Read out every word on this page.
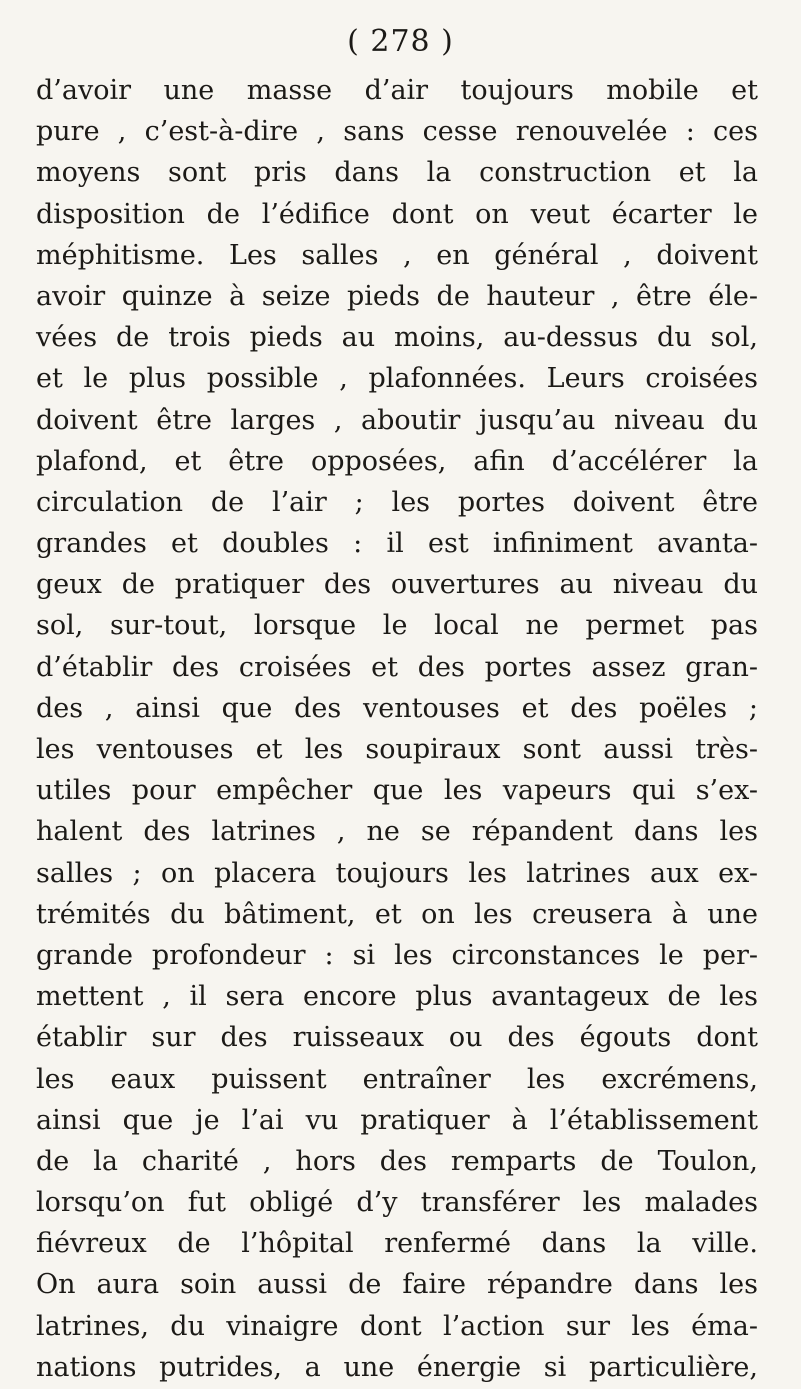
( 278 )
d’avoir une masse d’air toujours mobile et
pure , c’est-à-dire , sans cesse renouvelée : ces
moyens sont pris dans la construction et la
disposition de l’édifice dont on veut écarter le
méphitisme. Les salles , en général , doivent
avoir quinze à seize pieds de hauteur , être éle-
vées de trois pieds au moins, au-dessus du sol,
et le plus possible , plafonnées. Leurs croisées
doivent être larges , aboutir jusqu’au niveau du
plafond, et être opposées, afin d’accélérer la
circulation de l’air ; les portes doivent être
grandes et doubles : il est infiniment avanta-
geux de pratiquer des ouvertures au niveau du
sol, sur-tout, lorsque le local ne permet pas
d’établir des croisées et des portes assez gran-
des , ainsi que des ventouses et des poëles ;
les ventouses et les soupiraux sont aussi très-
utiles pour empêcher que les vapeurs qui s’ex-
halent des latrines , ne se répandent dans les
salles ; on placera toujours les latrines aux ex-
trémités du bâtiment, et on les creusera à une
grande profondeur : si les circonstances le per-
mettent , il sera encore plus avantageux de les
établir sur des ruisseaux ou des égouts dont
les eaux puissent entraîner les excrémens,
ainsi que je l’ai vu pratiquer à l’établissement
de la charité , hors des remparts de Toulon,
lorsqu’on fut obligé d’y transférer les malades
fiévreux de l’hôpital renfermé dans la ville.
On aura soin aussi de faire répandre dans les
latrines, du vinaigre dont l’action sur les éma-
nations putrides, a une énergie si particulière,
